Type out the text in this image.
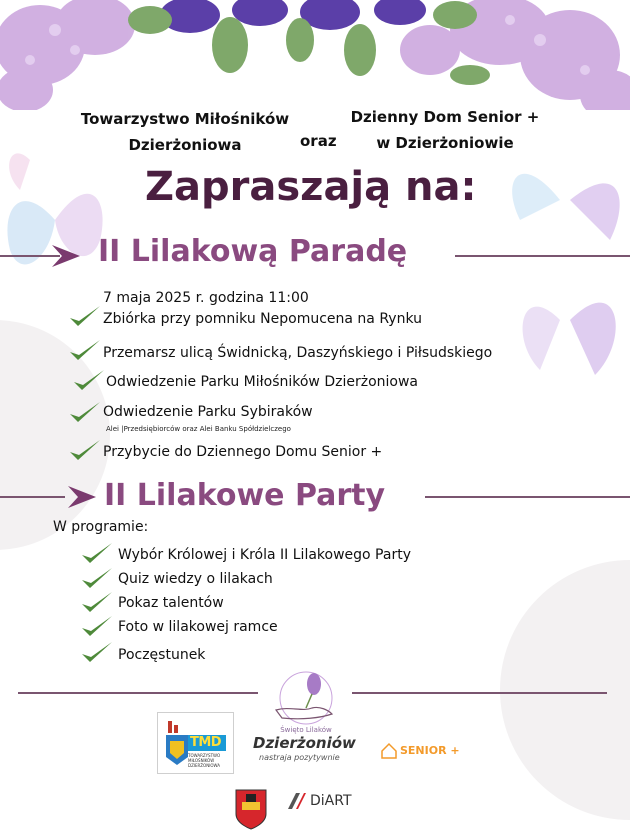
Towarzystwo Miłośników
Dzierżoniowa	oraz
Dzienny Dom Senior +
w Dzierżoniowie
Zapraszają na:
II Lilakową Paradę
7 maja 2025 r. godzina 11:00
Zbiórka przy pomniku Nepomucena na Rynku
Przemarsz ulicą Świdnicką, Daszyńskiego i Piłsudskiego
Odwiedzenie Parku Miłośników Dzierżoniowa
Odwiedzenie Parku Sybiraków
Alei |Przedsiębiorców oraz Alei Banku Spółdzielczego
Przybycie do Dziennego Domu Senior +
II Lilakowe Party
W programie:
Wybór Królowej i Króla II Lilakowego Party
Quiz wiedzy o lilakach
Pokaz talentów
Foto w lilakowej ramce
Poczęstunek
Święto Lilaków
TMD
TOWARZYSTWO MIŁOŚNIKÓW DZIERŻONIOWA
Dzierżoniów
nastraja pozytywnie
SENIOR +
DiART
